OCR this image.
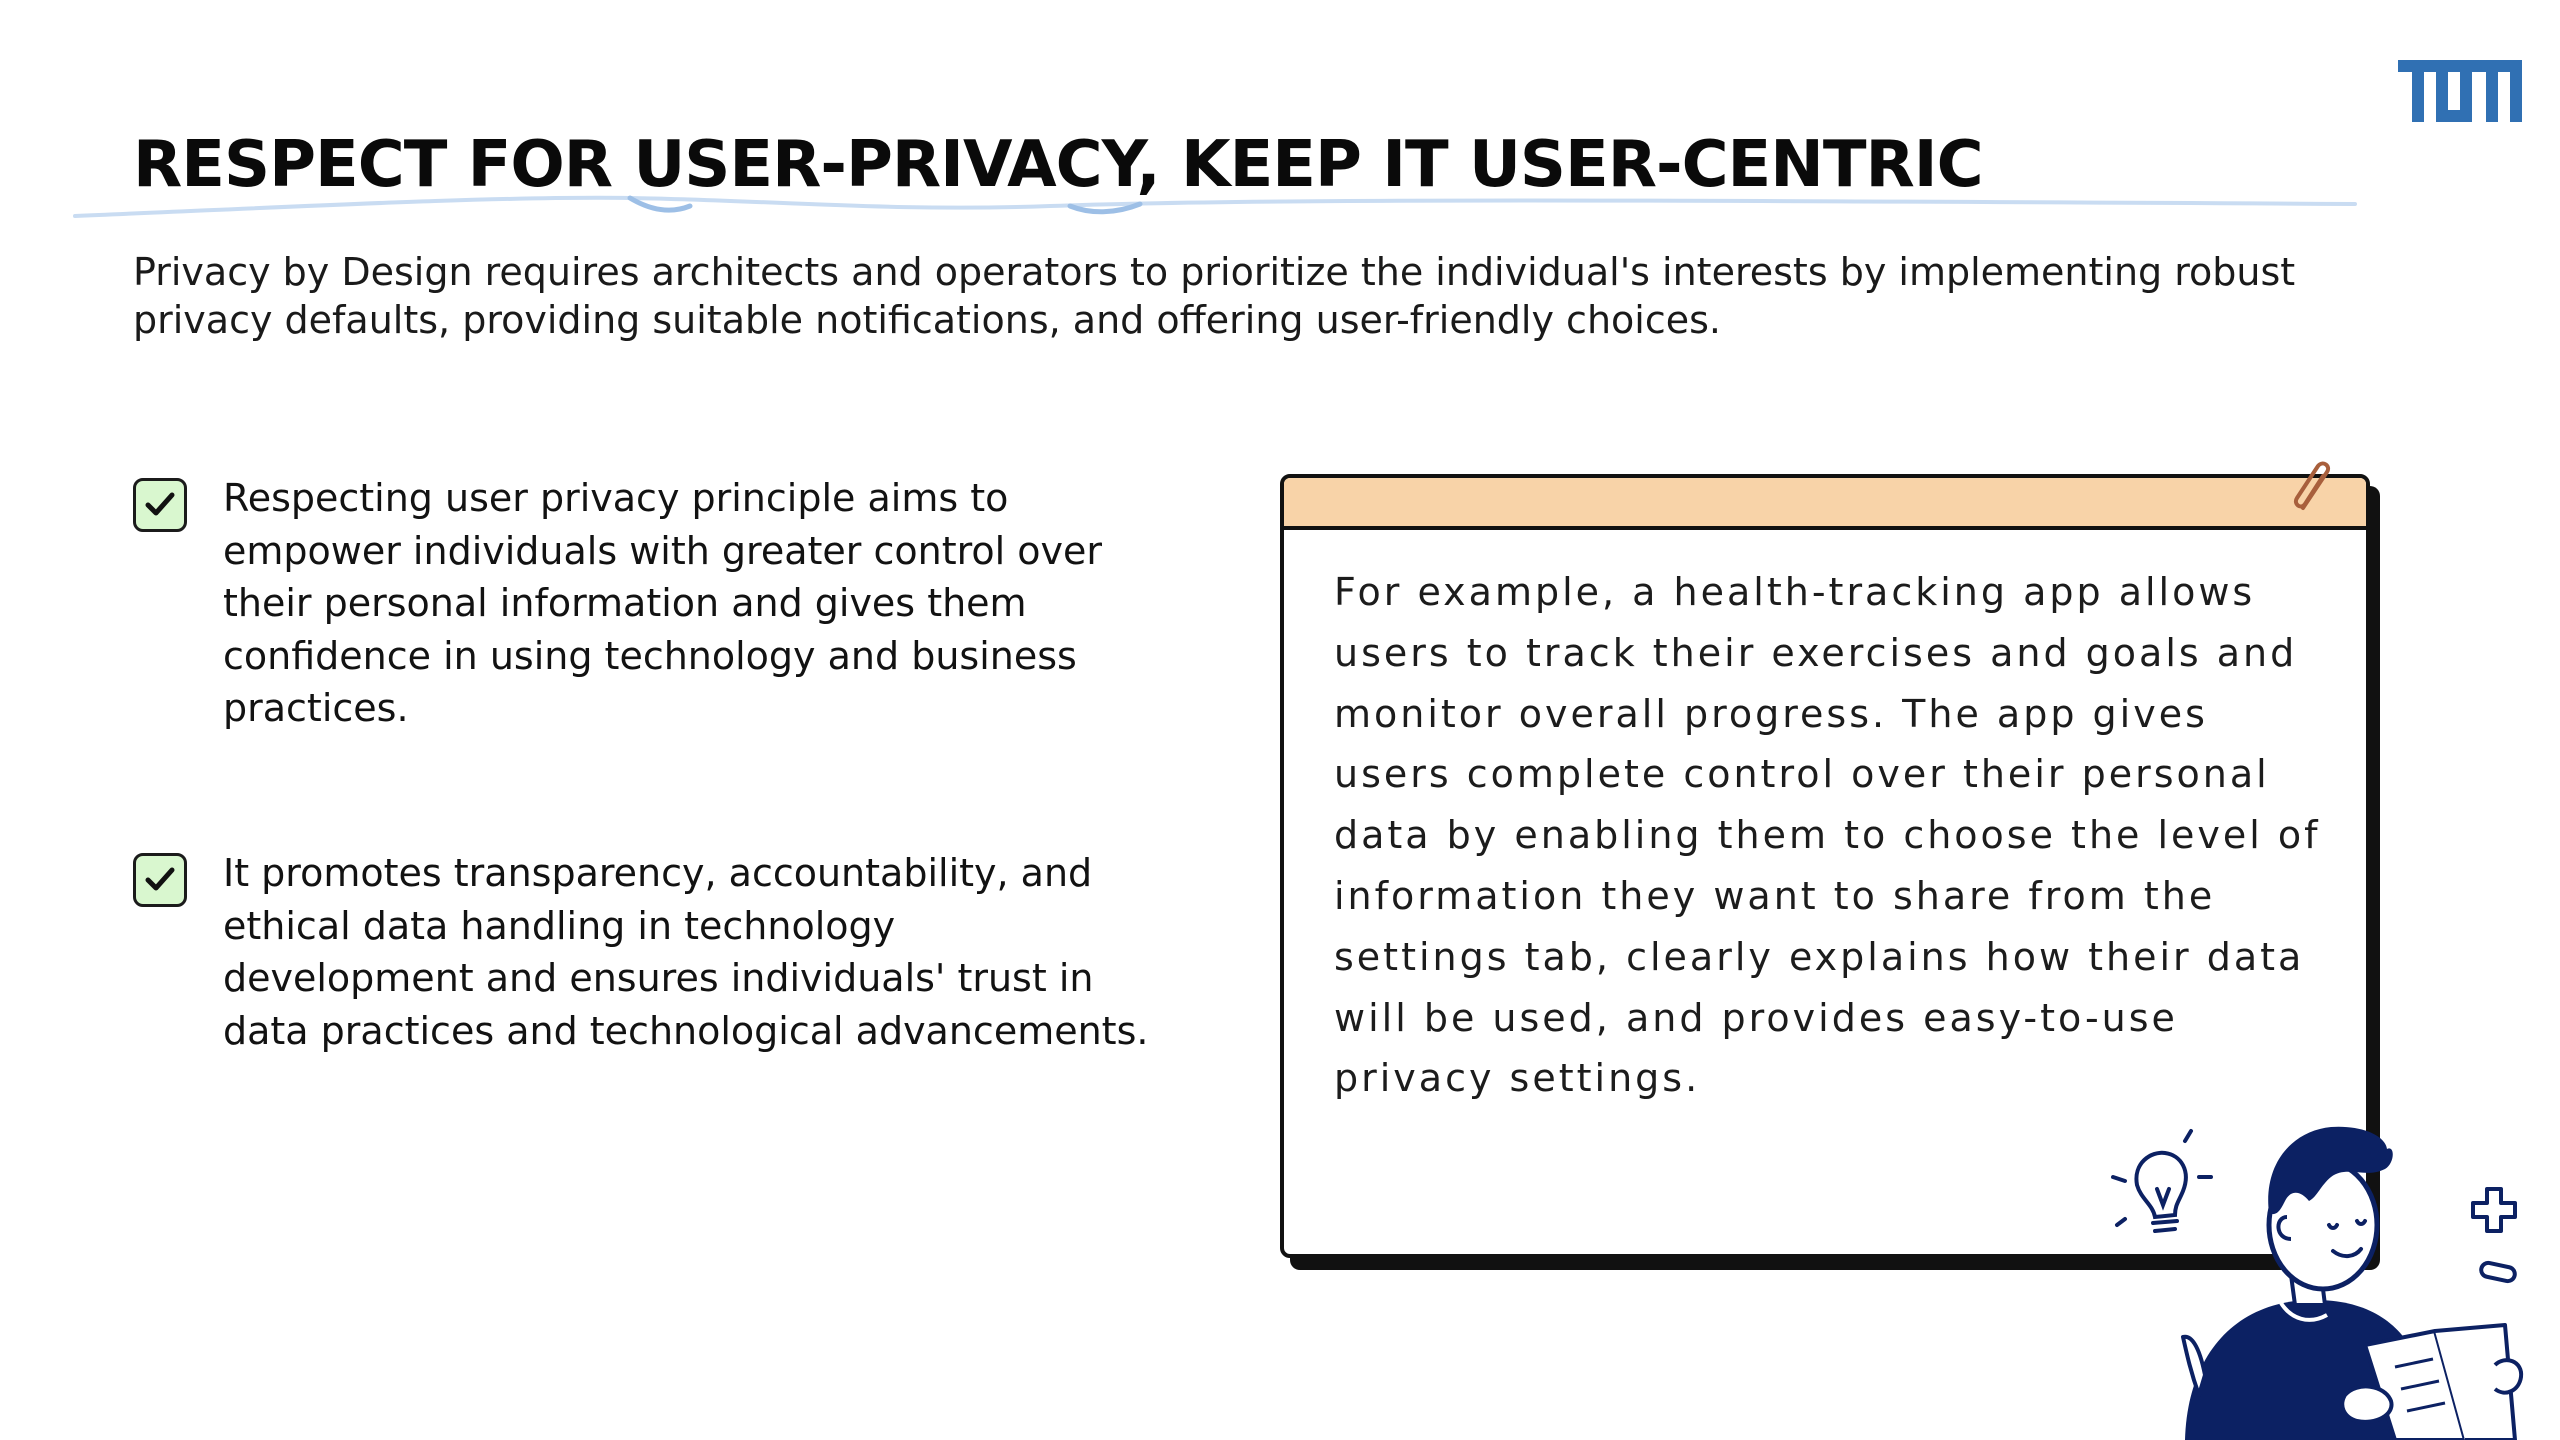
RESPECT FOR USER-PRIVACY, KEEP IT USER-CENTRIC

Privacy by Design requires architects and operators to prioritize the individual's interests by implementing robust privacy defaults, providing suitable notifications, and offering user-friendly choices.

Respecting user privacy principle aims to empower individuals with greater control over their personal information and gives them confidence in using technology and business practices.

It promotes transparency, accountability, and ethical data handling in technology development and ensures individuals' trust in data practices and technological advancements.

For example, a health-tracking app allows users to track their exercises and goals and monitor overall progress. The app gives users complete control over their personal data by enabling them to choose the level of information they want to share from the settings tab, clearly explains how their data will be used, and provides easy-to-use privacy settings.
